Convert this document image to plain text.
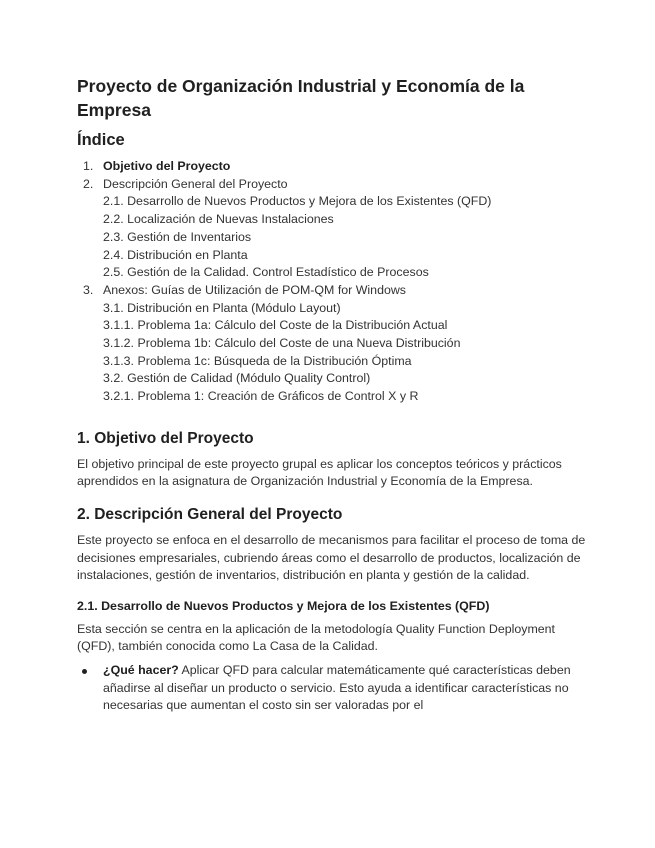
Proyecto de Organización Industrial y Economía de la Empresa
Índice
1. Objetivo del Proyecto
2. Descripción General del Proyecto
2.1. Desarrollo de Nuevos Productos y Mejora de los Existentes (QFD)
2.2. Localización de Nuevas Instalaciones
2.3. Gestión de Inventarios
2.4. Distribución en Planta
2.5. Gestión de la Calidad. Control Estadístico de Procesos
3. Anexos: Guías de Utilización de POM-QM for Windows
3.1. Distribución en Planta (Módulo Layout)
3.1.1. Problema 1a: Cálculo del Coste de la Distribución Actual
3.1.2. Problema 1b: Cálculo del Coste de una Nueva Distribución
3.1.3. Problema 1c: Búsqueda de la Distribución Óptima
3.2. Gestión de Calidad (Módulo Quality Control)
3.2.1. Problema 1: Creación de Gráficos de Control X y R
1. Objetivo del Proyecto

El objetivo principal de este proyecto grupal es aplicar los conceptos teóricos y prácticos aprendidos en la asignatura de Organización Industrial y Economía de la Empresa.

2. Descripción General del Proyecto

Este proyecto se enfoca en el desarrollo de mecanismos para facilitar el proceso de toma de decisiones empresariales, cubriendo áreas como el desarrollo de productos, localización de instalaciones, gestión de inventarios, distribución en planta y gestión de la calidad.

2.1. Desarrollo de Nuevos Productos y Mejora de los Existentes (QFD)

Esta sección se centra en la aplicación de la metodología Quality Function Deployment (QFD), también conocida como La Casa de la Calidad.

¿Qué hacer? Aplicar QFD para calcular matemáticamente qué características deben añadirse al diseñar un producto o servicio. Esto ayuda a identificar características no necesarias que aumentan el costo sin ser valoradas por el
